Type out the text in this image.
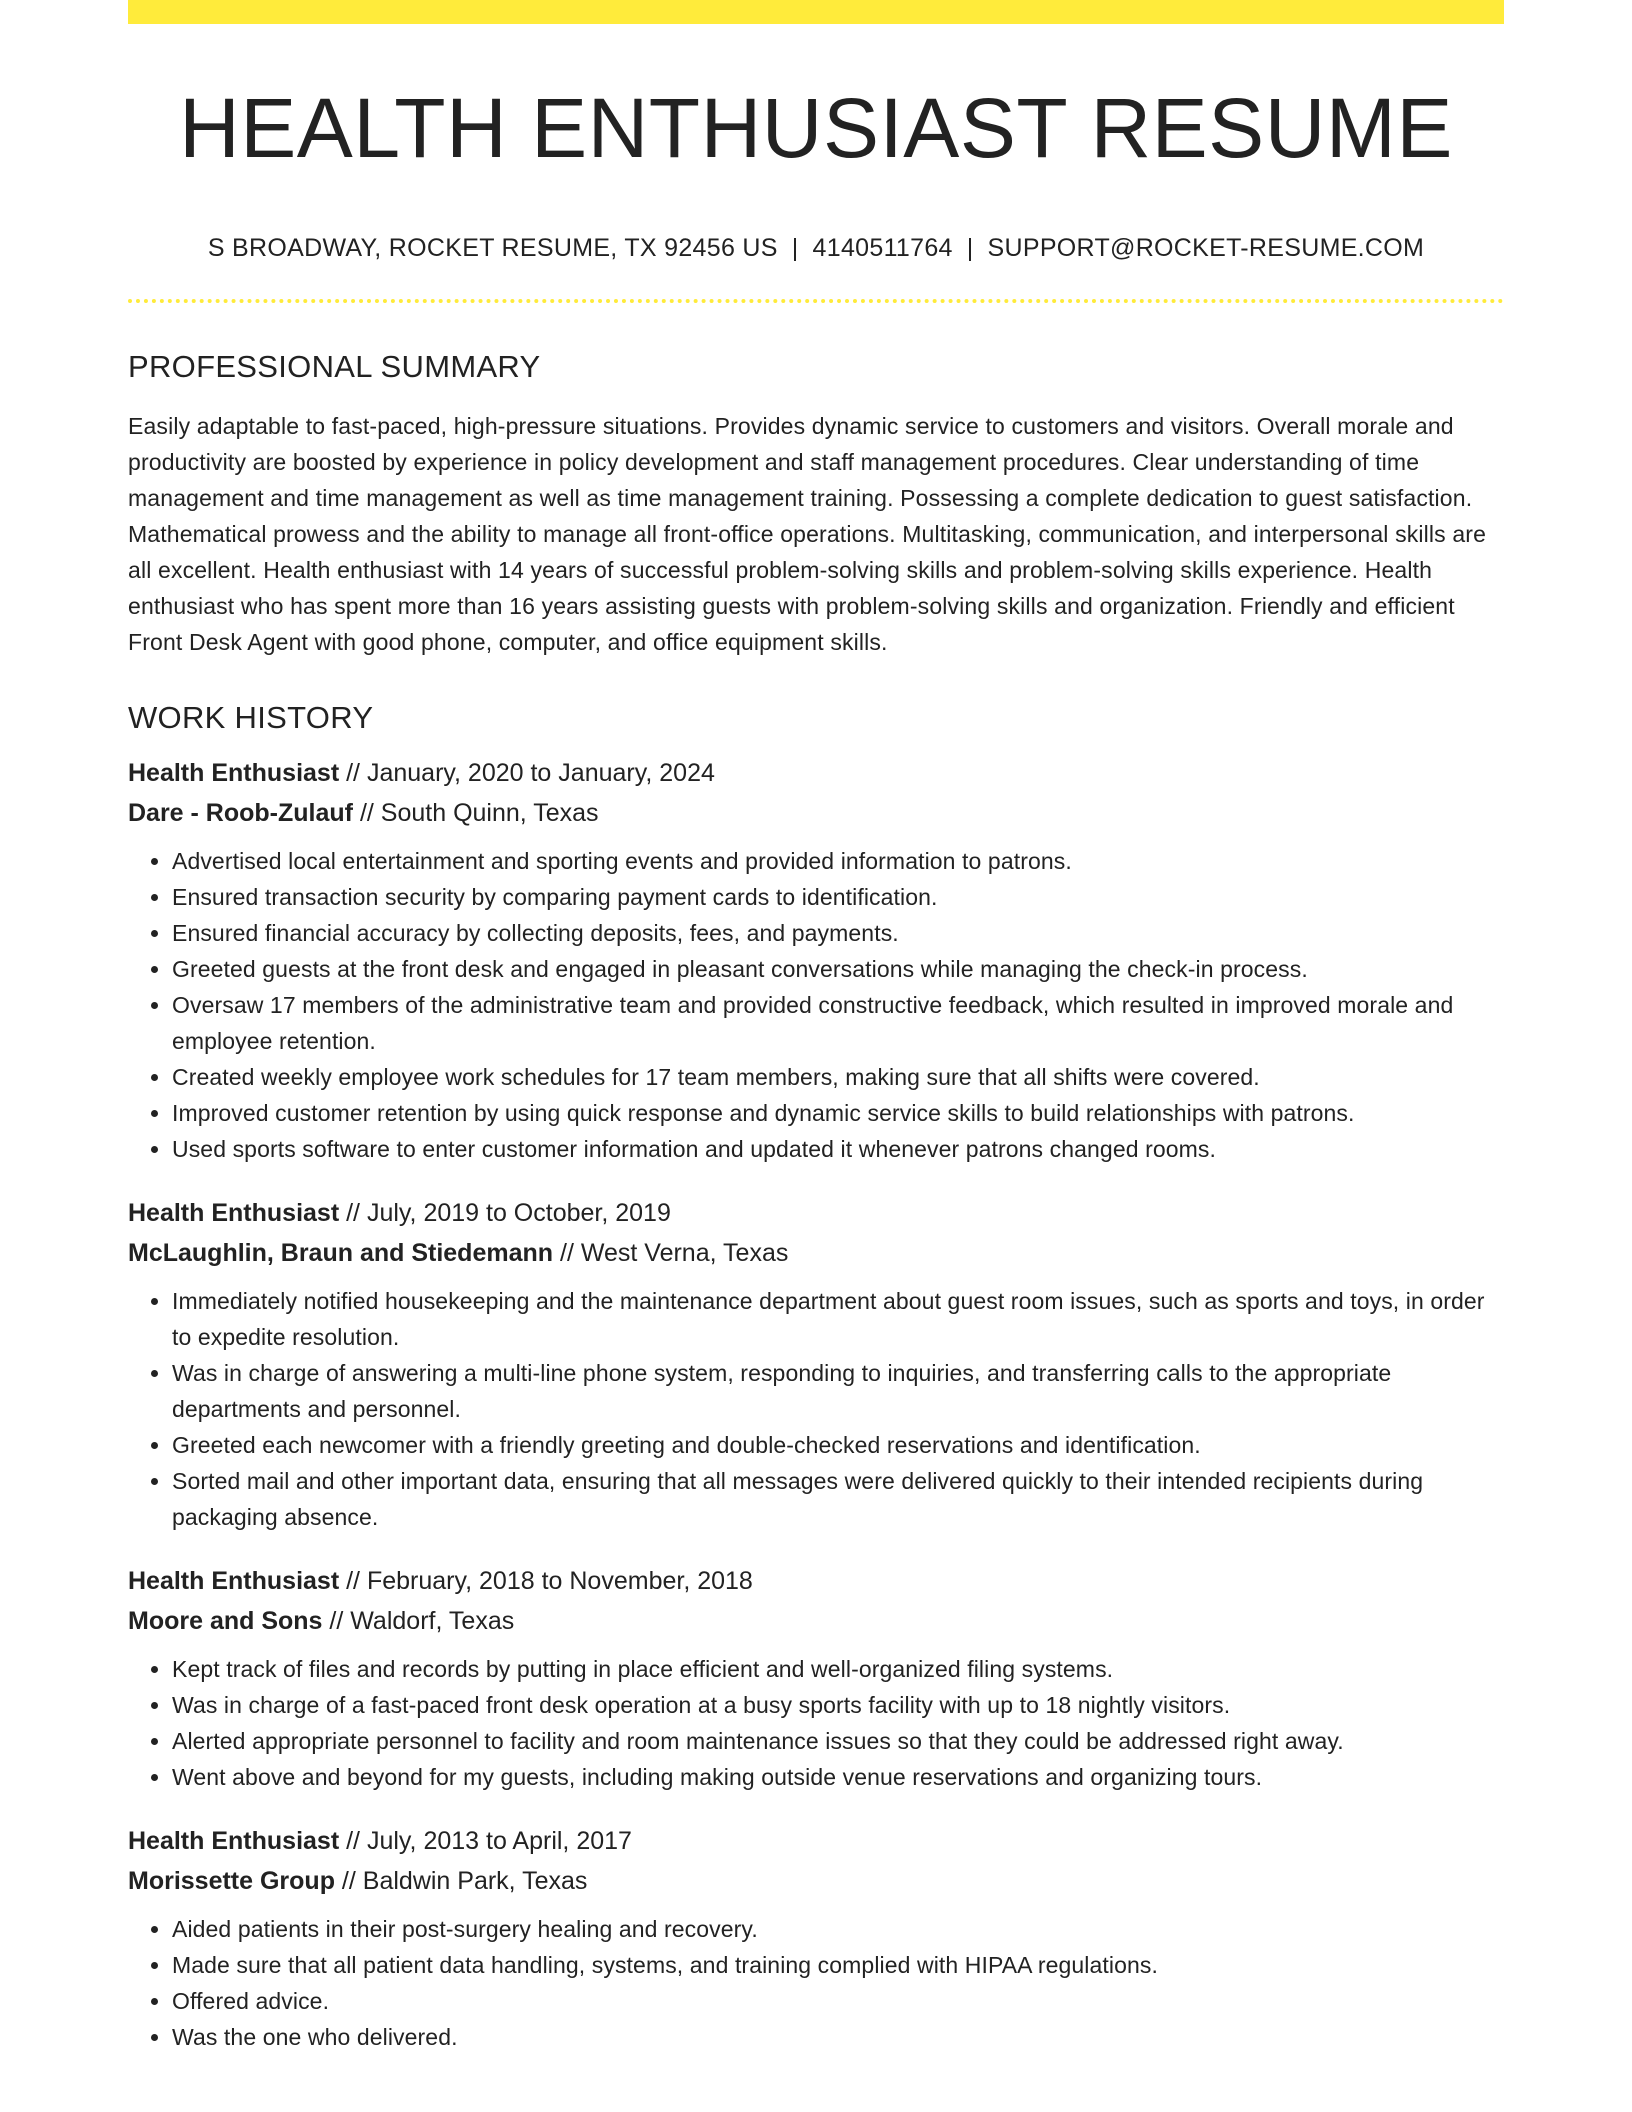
HEALTH ENTHUSIAST RESUME
S BROADWAY, ROCKET RESUME, TX 92456 US | 4140511764 | SUPPORT@ROCKET-RESUME.COM
PROFESSIONAL SUMMARY

Easily adaptable to fast-paced, high-pressure situations. Provides dynamic service to customers and visitors. Overall morale and productivity are boosted by experience in policy development and staff management procedures. Clear understanding of time management and time management as well as time management training. Possessing a complete dedication to guest satisfaction. Mathematical prowess and the ability to manage all front-office operations. Multitasking, communication, and interpersonal skills are all excellent. Health enthusiast with 14 years of successful problem-solving skills and problem-solving skills experience. Health enthusiast who has spent more than 16 years assisting guests with problem-solving skills and organization. Friendly and efficient Front Desk Agent with good phone, computer, and office equipment skills.

WORK HISTORY
Health Enthusiast // January, 2020 to January, 2024
Dare - Roob-Zulauf // South Quinn, Texas
• Advertised local entertainment and sporting events and provided information to patrons.
• Ensured transaction security by comparing payment cards to identification.
• Ensured financial accuracy by collecting deposits, fees, and payments.
• Greeted guests at the front desk and engaged in pleasant conversations while managing the check-in process.
• Oversaw 17 members of the administrative team and provided constructive feedback, which resulted in improved morale and employee retention.
• Created weekly employee work schedules for 17 team members, making sure that all shifts were covered.
• Improved customer retention by using quick response and dynamic service skills to build relationships with patrons.
• Used sports software to enter customer information and updated it whenever patrons changed rooms.
Health Enthusiast // July, 2019 to October, 2019
McLaughlin, Braun and Stiedemann // West Verna, Texas
• Immediately notified housekeeping and the maintenance department about guest room issues, such as sports and toys, in order to expedite resolution.
• Was in charge of answering a multi-line phone system, responding to inquiries, and transferring calls to the appropriate departments and personnel.
• Greeted each newcomer with a friendly greeting and double-checked reservations and identification.
• Sorted mail and other important data, ensuring that all messages were delivered quickly to their intended recipients during packaging absence.
Health Enthusiast // February, 2018 to November, 2018
Moore and Sons // Waldorf, Texas
• Kept track of files and records by putting in place efficient and well-organized filing systems.
• Was in charge of a fast-paced front desk operation at a busy sports facility with up to 18 nightly visitors.
• Alerted appropriate personnel to facility and room maintenance issues so that they could be addressed right away.
• Went above and beyond for my guests, including making outside venue reservations and organizing tours.
Health Enthusiast // July, 2013 to April, 2017
Morissette Group // Baldwin Park, Texas
• Aided patients in their post-surgery healing and recovery.
• Made sure that all patient data handling, systems, and training complied with HIPAA regulations.
• Offered advice.
• Was the one who delivered.
